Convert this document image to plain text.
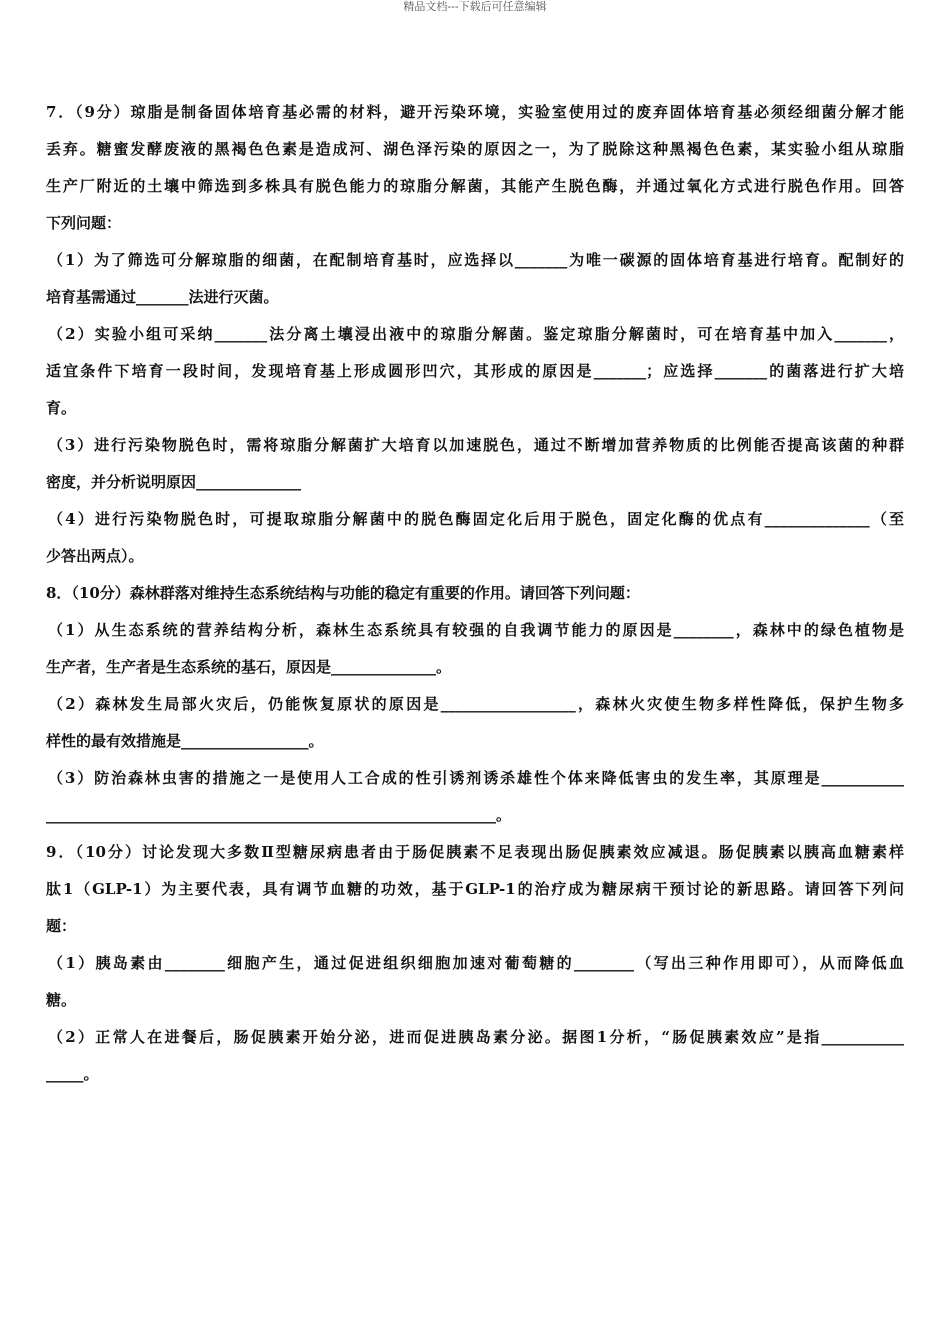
精品文档---下载后可任意编辑
7．（9分）琼脂是制备固体培育基必需的材料，避开污染环境，实验室使用过的废弃固体培育基必须经细菌分解才能
丢弃。糖蜜发酵废液的黑褐色色素是造成河、湖色泽污染的原因之一，为了脱除这种黑褐色色素，某实验小组从琼脂
生产厂附近的土壤中筛选到多株具有脱色能力的琼脂分解菌，其能产生脱色酶，并通过氧化方式进行脱色作用。回答
下列问题：
（1）为了筛选可分解琼脂的细菌，在配制培育基时，应选择以_______为唯一碳源的固体培育基进行培育。配制好的
培育基需通过_______法进行灭菌。
（2）实验小组可采纳_______法分离土壤浸出液中的琼脂分解菌。鉴定琼脂分解菌时，可在培育基中加入_______，
适宜条件下培育一段时间，发现培育基上形成圆形凹穴，其形成的原因是_______；应选择_______的菌落进行扩大培
育。
（3）进行污染物脱色时，需将琼脂分解菌扩大培育以加速脱色，通过不断增加营养物质的比例能否提高该菌的种群
密度，并分析说明原因______________
（4）进行污染物脱色时，可提取琼脂分解菌中的脱色酶固定化后用于脱色，固定化酶的优点有______________（至
少答出两点）。
8．（10分）森林群落对维持生态系统结构与功能的稳定有重要的作用。请回答下列问题：
（1）从生态系统的营养结构分析，森林生态系统具有较强的自我调节能力的原因是________，森林中的绿色植物是
生产者，生产者是生态系统的基石，原因是______________。
（2）森林发生局部火灾后，仍能恢复原状的原因是__________________，森林火灾使生物多样性降低，保护生物多
样性的最有效措施是_________________。
（3）防治森林虫害的措施之一是使用人工合成的性引诱剂诱杀雄性个体来降低害虫的发生率，其原理是___________
____________________________________________________________。
9．（10分）讨论发现大多数Ⅱ型糖尿病患者由于肠促胰素不足表现出肠促胰素效应减退。肠促胰素以胰高血糖素样
肽1（GLP-1）为主要代表，具有调节血糖的功效，基于GLP-1的治疗成为糖尿病干预讨论的新思路。请回答下列问
题：
（1）胰岛素由________细胞产生，通过促进组织细胞加速对葡萄糖的________（写出三种作用即可），从而降低血
糖。
（2）正常人在进餐后，肠促胰素开始分泌，进而促进胰岛素分泌。据图1分析，“肠促胰素效应”是指___________
_____。
